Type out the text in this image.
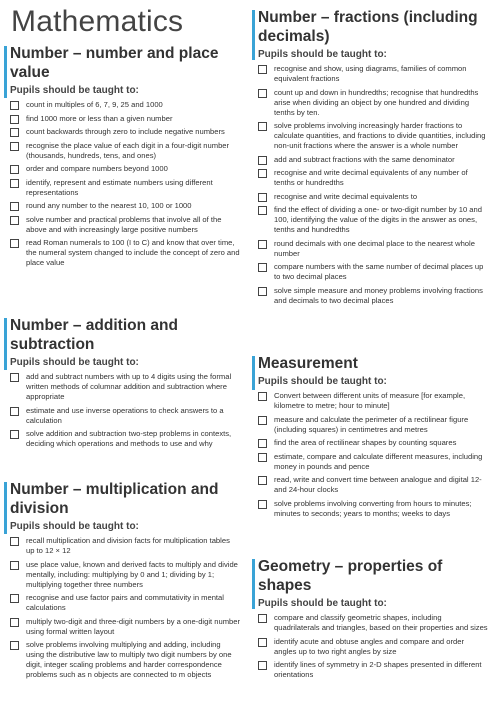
Mathematics
Number – number and place value
Pupils should be taught to:
count in multiples of 6, 7, 9, 25 and 1000
find 1000 more or less than a given number
count backwards through zero to include negative numbers
recognise the place value of each digit in a four-digit number (thousands, hundreds, tens, and ones)
order and compare numbers beyond 1000
identify, represent and estimate numbers using different representations
round any number to the nearest 10, 100 or 1000
solve number and practical problems that involve all of the above and with increasingly large positive numbers
read Roman numerals to 100 (I to C) and know that over time, the numeral system changed to include the concept of zero and place value
Number – addition and subtraction
Pupils should be taught to:
add and subtract numbers with up to 4 digits using the formal written methods of columnar addition and subtraction where appropriate
estimate and use inverse operations to check answers to a calculation
solve addition and subtraction two-step problems in contexts, deciding which operations and methods to use and why
Number – multiplication and division
Pupils should be taught to:
recall multiplication and division facts for multiplication tables up to 12 × 12
use place value, known and derived facts to multiply and divide mentally, including: multiplying by 0 and 1; dividing by 1; multiplying together three numbers
recognise and use factor pairs and commutativity in mental calculations
multiply two-digit and three-digit numbers by a one-digit number using formal written layout
solve problems involving multiplying and adding, including using the distributive law to multiply two digit numbers by one digit, integer scaling problems and harder correspondence problems such as n objects are connected to m objects
Number – fractions (including decimals)
Pupils should be taught to:
recognise and show, using diagrams, families of common equivalent fractions
count up and down in hundredths; recognise that hundredths arise when dividing an object by one hundred and dividing tenths by ten.
solve problems involving increasingly harder fractions to calculate quantities, and fractions to divide quantities, including non-unit fractions where the answer is a whole number
add and subtract fractions with the same denominator
recognise and write decimal equivalents of any number of tenths or hundredths
recognise and write decimal equivalents to
find the effect of dividing a one- or two-digit number by 10 and 100, identifying the value of the digits in the answer as ones, tenths and hundredths
round decimals with one decimal place to the nearest whole number
compare numbers with the same number of decimal places up to two decimal places
solve simple measure and money problems involving fractions and decimals to two decimal places
Measurement
Pupils should be taught to:
Convert between different units of measure [for example, kilometre to metre; hour to minute]
measure and calculate the perimeter of a rectilinear figure (including squares) in centimetres and metres
find the area of rectilinear shapes by counting squares
estimate, compare and calculate different measures, including money in pounds and pence
read, write and convert time between analogue and digital 12- and 24-hour clocks
solve problems involving converting from hours to minutes; minutes to seconds; years to months; weeks to days
Geometry – properties of shapes
Pupils should be taught to:
compare and classify geometric shapes, including quadrilaterals and triangles, based on their properties and sizes
identify acute and obtuse angles and compare and order angles up to two right angles by size
identify lines of symmetry in 2-D shapes presented in different orientations
